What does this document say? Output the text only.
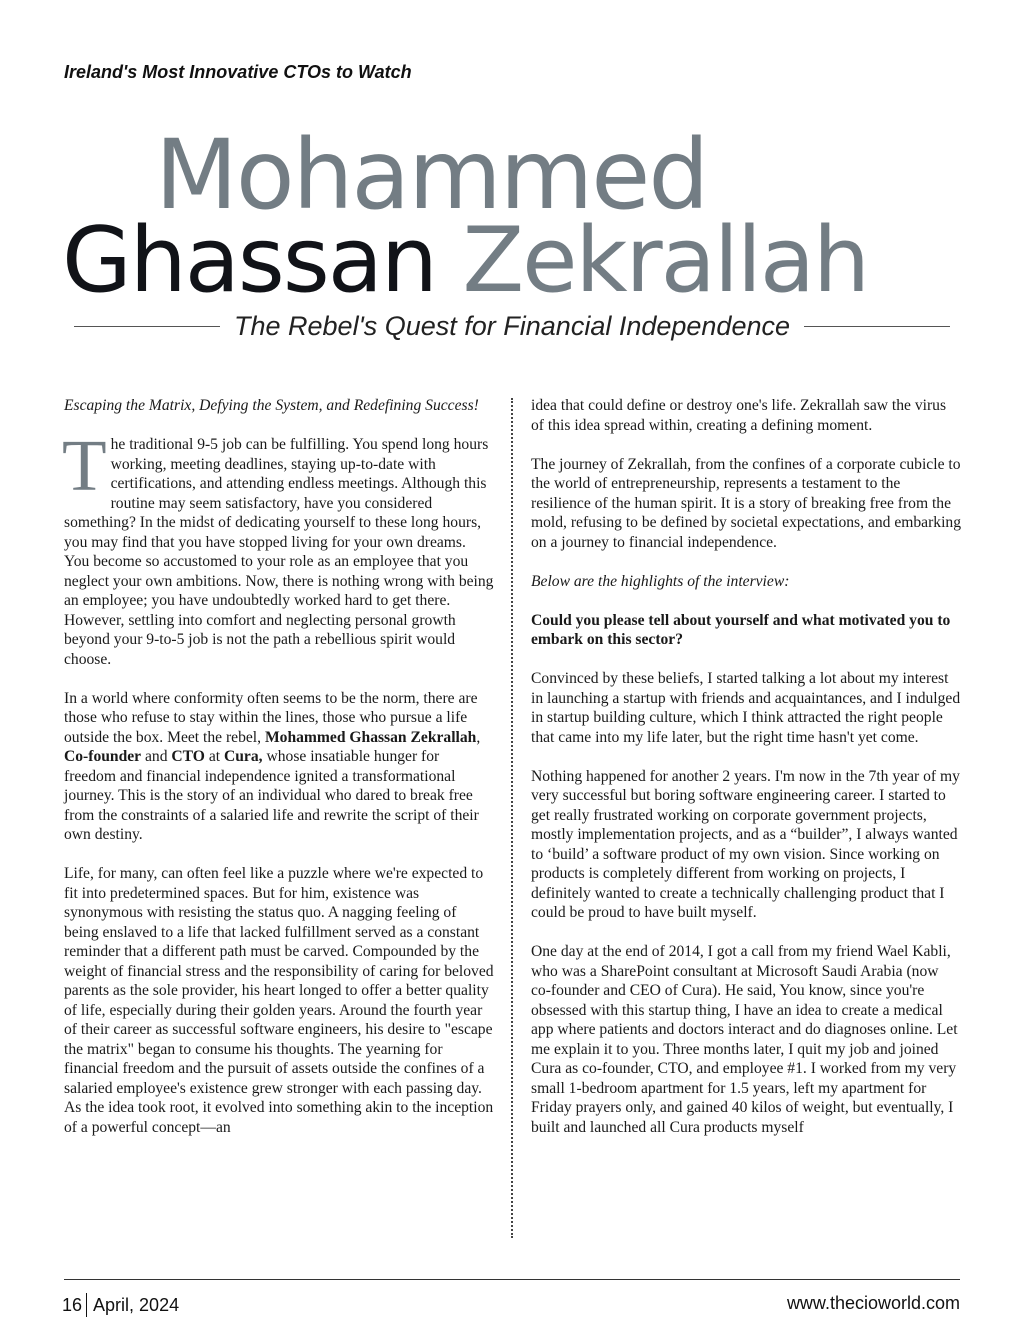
Ireland's Most Innovative CTOs to Watch
Mohammed
Ghassan Zekrallah
The Rebel's Quest for Financial Independence

Escaping the Matrix, Defying the System, and Redefining Success!

The traditional 9-5 job can be fulfilling. You spend long hours working, meeting deadlines, staying up-to-date with certifications, and attending endless meetings. Although this routine may seem satisfactory, have you considered something? In the midst of dedicating yourself to these long hours, you may find that you have stopped living for your own dreams. You become so accustomed to your role as an employee that you neglect your own ambitions. Now, there is nothing wrong with being an employee; you have undoubtedly worked hard to get there. However, settling into comfort and neglecting personal growth beyond your 9-to-5 job is not the path a rebellious spirit would choose.

In a world where conformity often seems to be the norm, there are those who refuse to stay within the lines, those who pursue a life outside the box. Meet the rebel, Mohammed Ghassan Zekrallah, Co-founder and CTO at Cura, whose insatiable hunger for freedom and financial independence ignited a transformational journey. This is the story of an individual who dared to break free from the constraints of a salaried life and rewrite the script of their own destiny.

Life, for many, can often feel like a puzzle where we're expected to fit into predetermined spaces. But for him, existence was synonymous with resisting the status quo. A nagging feeling of being enslaved to a life that lacked fulfillment served as a constant reminder that a different path must be carved. Compounded by the weight of financial stress and the responsibility of caring for beloved parents as the sole provider, his heart longed to offer a better quality of life, especially during their golden years. Around the fourth year of their career as successful software engineers, his desire to "escape the matrix" began to consume his thoughts. The yearning for financial freedom and the pursuit of assets outside the confines of a salaried employee's existence grew stronger with each passing day. As the idea took root, it evolved into something akin to the inception of a powerful concept—an

idea that could define or destroy one's life. Zekrallah saw the virus of this idea spread within, creating a defining moment.

The journey of Zekrallah, from the confines of a corporate cubicle to the world of entrepreneurship, represents a testament to the resilience of the human spirit. It is a story of breaking free from the mold, refusing to be defined by societal expectations, and embarking on a journey to financial independence.

Below are the highlights of the interview:

Could you please tell about yourself and what motivated you to embark on this sector?

Convinced by these beliefs, I started talking a lot about my interest in launching a startup with friends and acquaintances, and I indulged in startup building culture, which I think attracted the right people that came into my life later, but the right time hasn't yet come.

Nothing happened for another 2 years. I'm now in the 7th year of my very successful but boring software engineering career. I started to get really frustrated working on corporate government projects, mostly implementation projects, and as a “builder”, I always wanted to ‘build’ a software product of my own vision. Since working on products is completely different from working on projects, I definitely wanted to create a technically challenging product that I could be proud to have built myself.

One day at the end of 2014, I got a call from my friend Wael Kabli, who was a SharePoint consultant at Microsoft Saudi Arabia (now co-founder and CEO of Cura). He said, You know, since you're obsessed with this startup thing, I have an idea to create a medical app where patients and doctors interact and do diagnoses online. Let me explain it to you. Three months later, I quit my job and joined Cura as co-founder, CTO, and employee #1. I worked from my very small 1-bedroom apartment for 1.5 years, left my apartment for Friday prayers only, and gained 40 kilos of weight, but eventually, I built and launched all Cura products myself

16 April, 2024	www.thecioworld.com
